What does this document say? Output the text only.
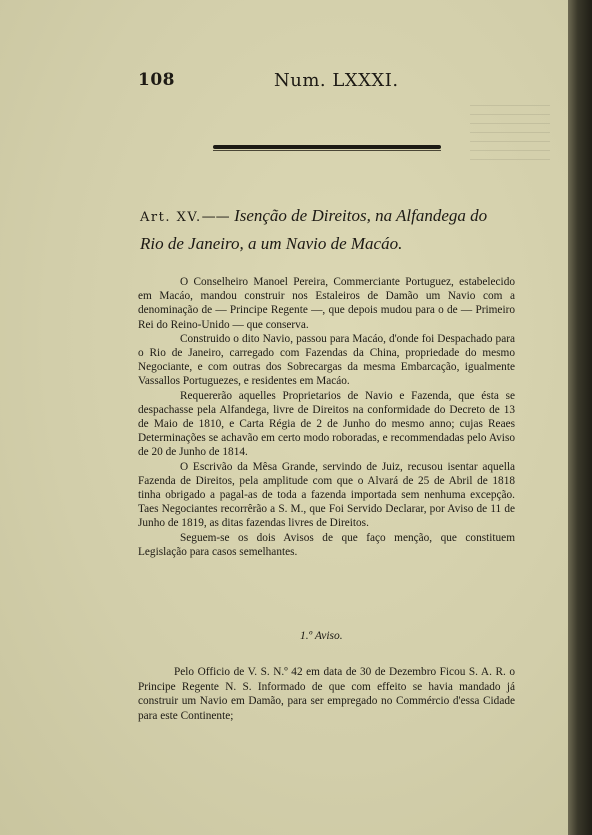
108	Num. LXXXI.
Art. XV.—— Isenção de Direitos, na Alfandega do
Rio de Janeiro, a um Navio de Macáo.

O Conselheiro Manoel Pereira, Commerciante Portuguez, estabelecido em Macáo, mandou construir nos Estaleiros de Damão um Navio com a denominação de — Principe Regente —, que depois mudou para o de — Primeiro Rei do Reino-Unido — que conserva.

Construido o dito Navio, passou para Macáo, d'onde foi Despachado para o Rio de Janeiro, carregado com Fazendas da China, propriedade do mesmo Negociante, e com outras dos Sobrecargas da mesma Embarcação, igualmente Vassallos Portuguezes, e residentes em Macáo.

Requererão aquelles Proprietarios de Navio e Fazenda, que ésta se despachasse pela Alfandega, livre de Direitos na conformidade do Decreto de 13 de Maio de 1810, e Carta Régia de 2 de Junho do mesmo anno; cujas Reaes Determinações se achavão em certo modo roboradas, e recommendadas pelo Aviso de 20 de Junho de 1814.

O Escrivão da Mêsa Grande, servindo de Juiz, recusou isentar aquella Fazenda de Direitos, pela amplitude com que o Alvará de 25 de Abril de 1818 tinha obrigado a pagal-as de toda a fazenda importada sem nenhuma excepção. Taes Negociantes recorrêrão a S. M., que Foi Servido Declarar, por Aviso de 11 de Junho de 1819, as ditas fazendas livres de Direitos.

Seguem-se os dois Avisos de que faço menção, que constituem Legislação para casos semelhantes.

1.º Aviso.

Pelo Officio de V. S. N.º 42 em data de 30 de Dezembro Ficou S. A. R. o Principe Regente N. S. Informado de que com effeito se havia mandado já construir um Navio em Damão, para ser empregado no Commércio d'essa Cidade para este Continente;
